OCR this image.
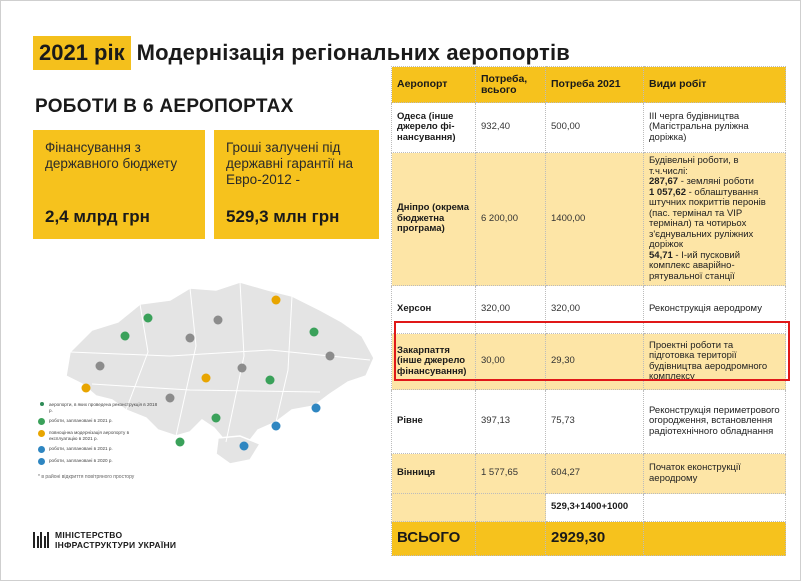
2021 рік Модернізація регіональних аеропортів
РОБОТИ В 6 АЕРОПОРТАХ
Фінансування з державного бюджету
2,4 млрд грн
Гроші залучені під державні гарантії на Евро-2012 -
529,3 млн грн
аеропорти, в яких проведена реконструкція в 2018 р.
роботи, заплановані в 2021 р.
повноцінна модернізація аеропорту в експлуатацію в 2021 р.
роботи, заплановані в 2021 р.
роботи, заплановані в 2020 р.
* в районі відкриття повітряного простору
МІНІСТЕРСТВО
ІНФРАСТРУКТУРИ УКРАЇНИ
Аеропорт	Потреба, всього	Потреба 2021	Види робіт
Одеса (інше джерело фі-нансування)	932,40	500,00	ІІІ черга будівництва (Магістральна руліжна доріжка)
Дніпро (окрема бюджетна програма)	6 200,00	1400,00	Будівельні роботи, в т.ч.числі:
287,67 - земляні роботи
1 057,62 - облаштування штучних покриттів перонів (пас. термінал та VIP термінал) та чотирьох з'єднувальних руліжних доріжок
54,71 - І-ий пусковий комплекс аварійно-рятувальної станції
Херсон	320,00	320,00	Реконструкція аеродрому
Закарпаття (інше джерело фінансування)	30,00	29,30	Проектні роботи та підготовка території будівництва аеродромного комплексу
Рівне	397,13	75,73	Реконструкція периметрового огородження, встановлення радіотехнічного обладнання
Вінниця	1 577,65	604,27	Початок еконструкції аеродрому
		529,3+1400+1000	
ВСЬОГО		2929,30	
